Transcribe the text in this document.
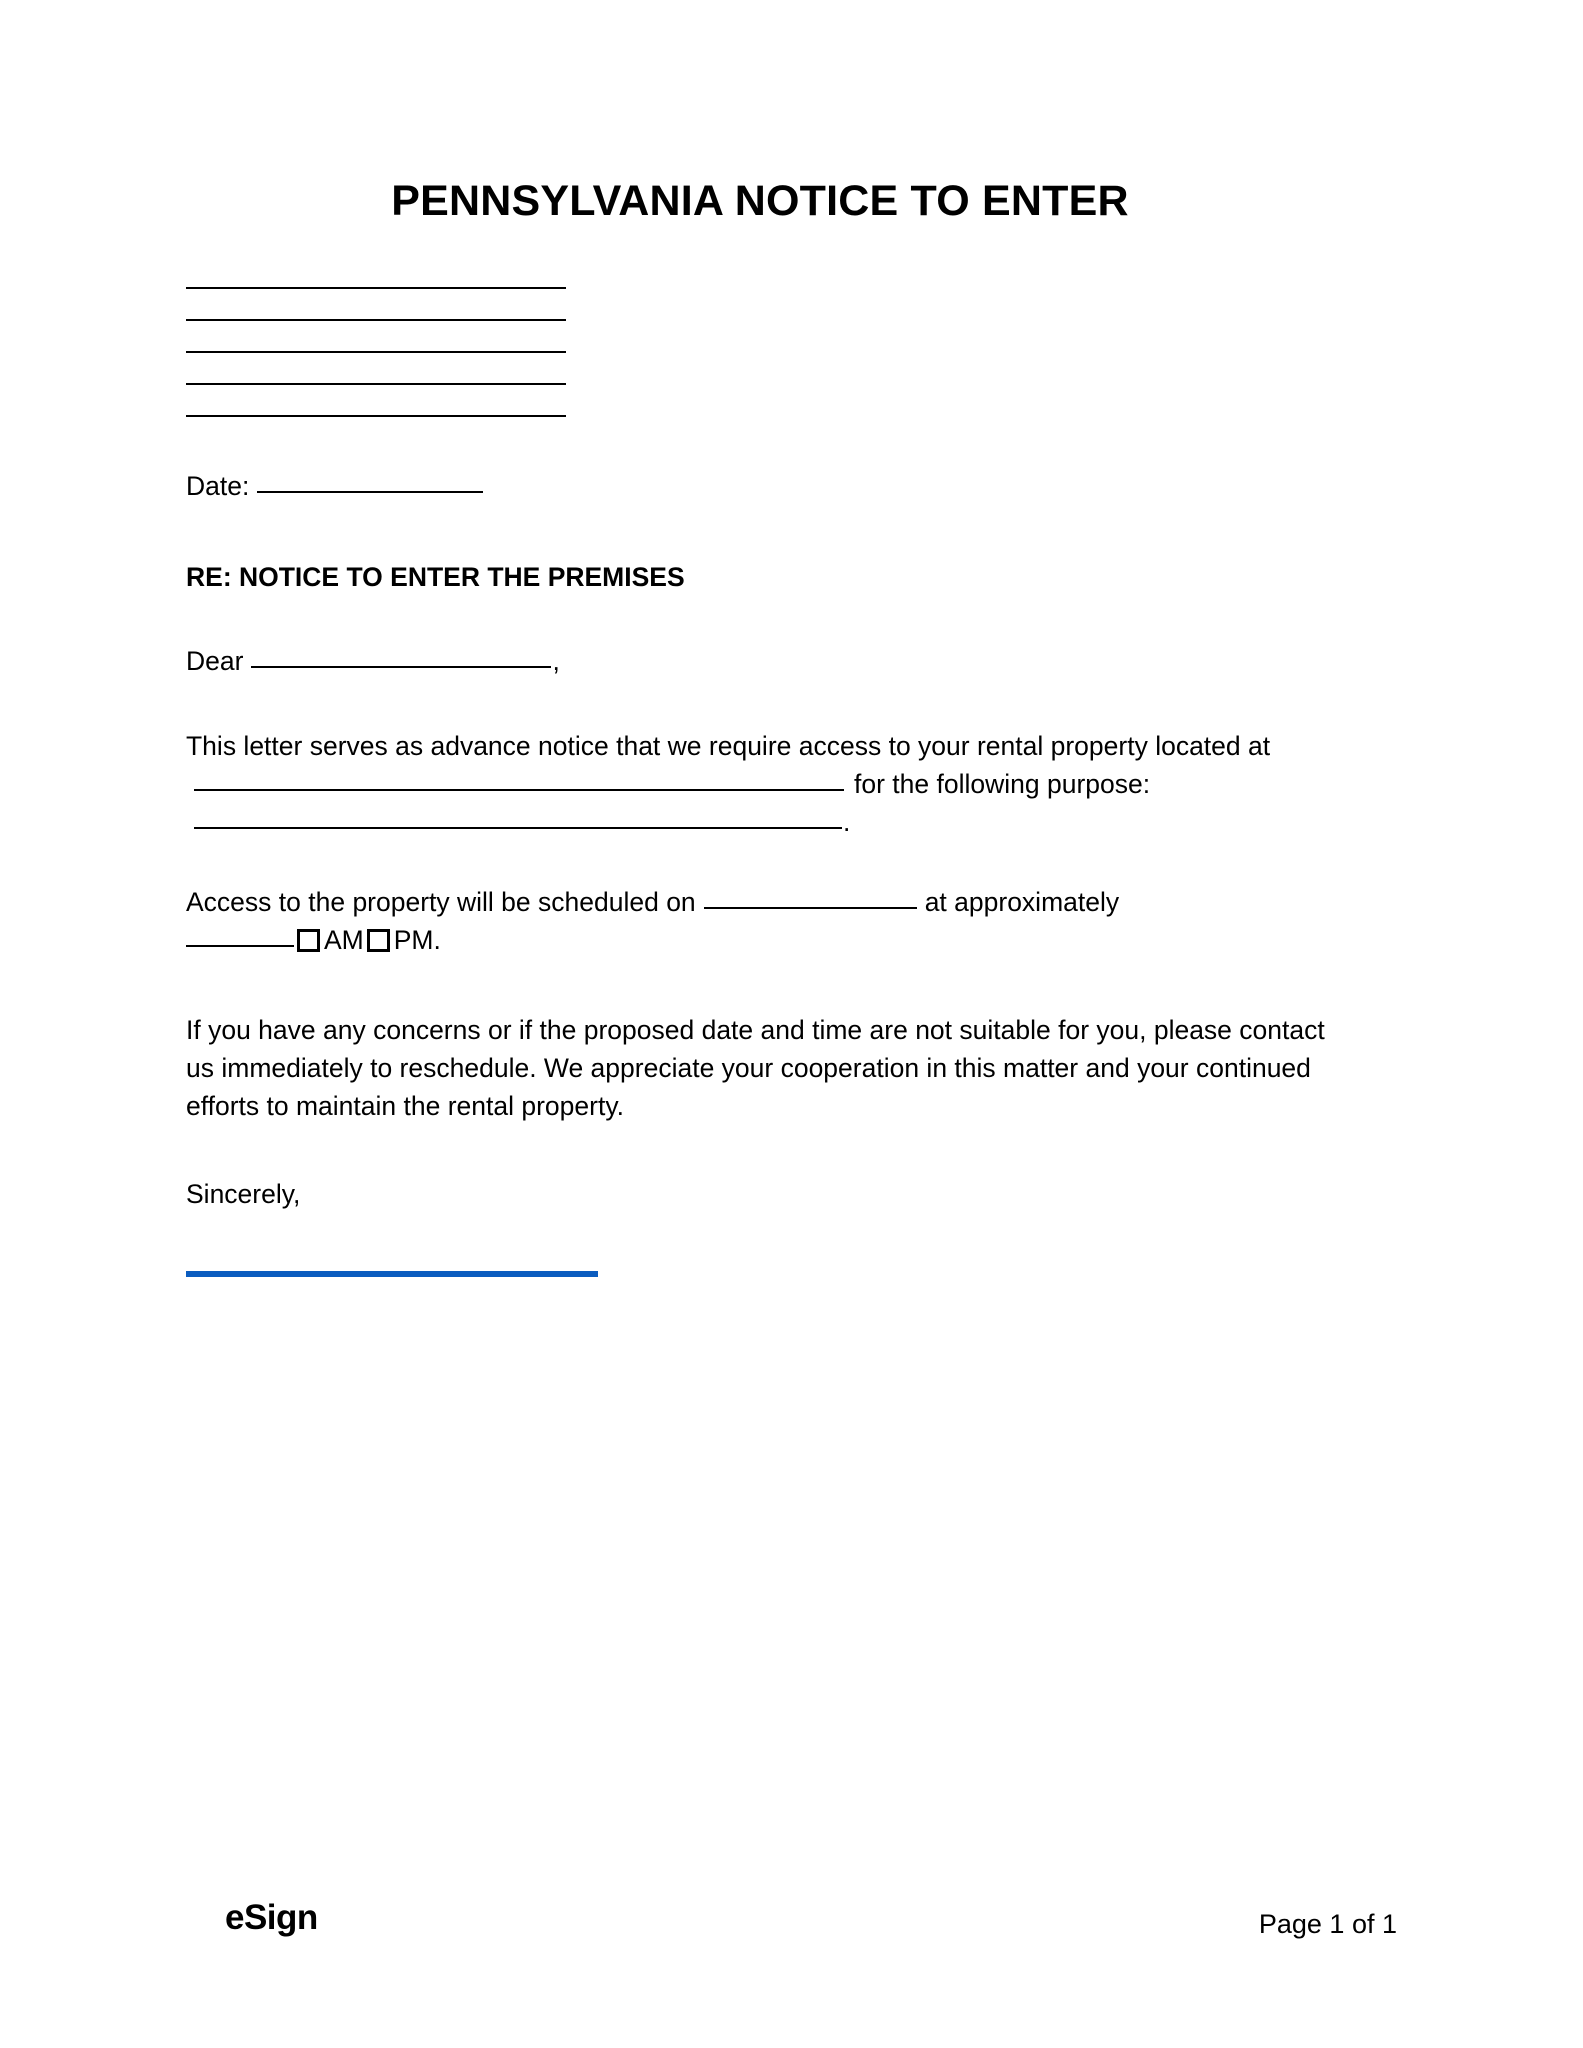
PENNSYLVANIA NOTICE TO ENTER
Date:
RE: NOTICE TO ENTER THE PREMISES
Dear	,
This letter serves as advance notice that we require access to your rental property located atfor the following purpose:.
Access to the property will be scheduled on	at approximately
AM PM.
If you have any concerns or if the proposed date and time are not suitable for you, please contact us immediately to reschedule. We appreciate your cooperation in this matter and your continued efforts to maintain the rental property.
Sincerely,
eSign	Page 1 of 1
